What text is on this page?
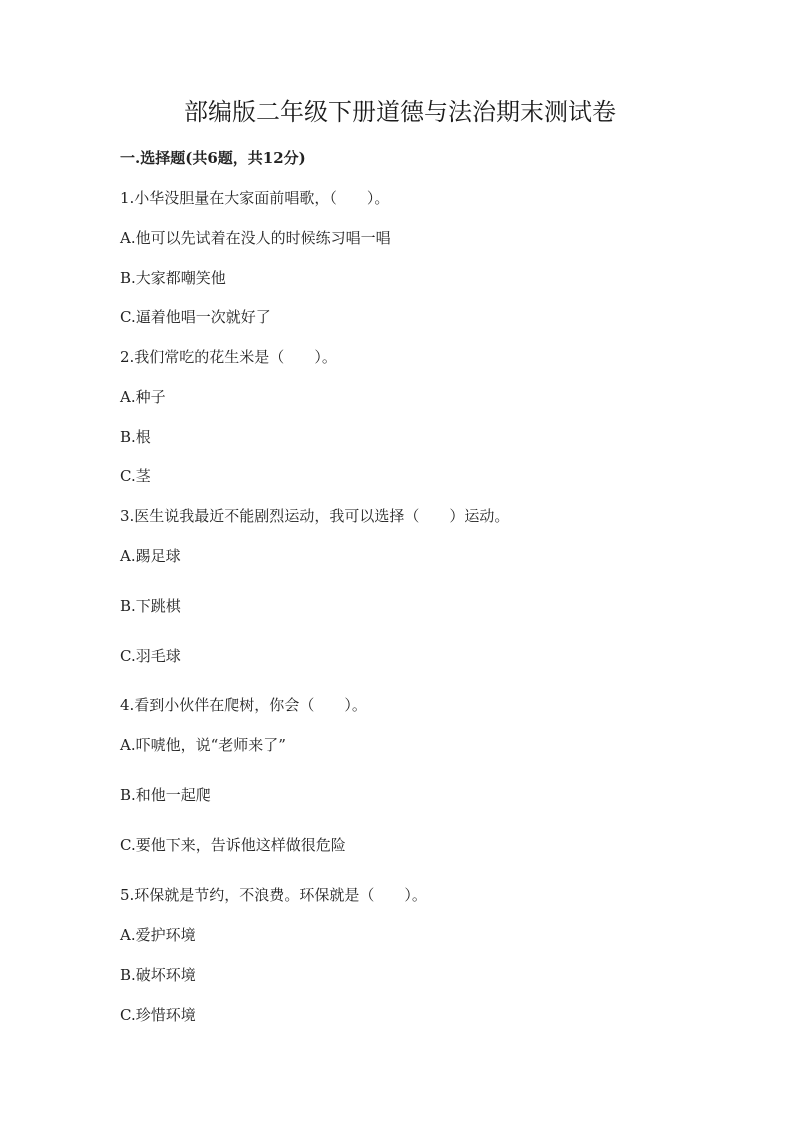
部编版二年级下册道德与法治期末测试卷
一.选择题(共6题，共12分)
1.小华没胆量在大家面前唱歌，（　　）。
A.他可以先试着在没人的时候练习唱一唱
B.大家都嘲笑他
C.逼着他唱一次就好了
2.我们常吃的花生米是（　　）。
A.种子
B.根
C.茎
3.医生说我最近不能剧烈运动，我可以选择（　　）运动。
A.踢足球
B.下跳棋
C.羽毛球
4.看到小伙伴在爬树，你会（　　）。
A.吓唬他，说“老师来了”
B.和他一起爬
C.要他下来，告诉他这样做很危险
5.环保就是节约，不浪费。环保就是（　　）。
A.爱护环境
B.破坏环境
C.珍惜环境
